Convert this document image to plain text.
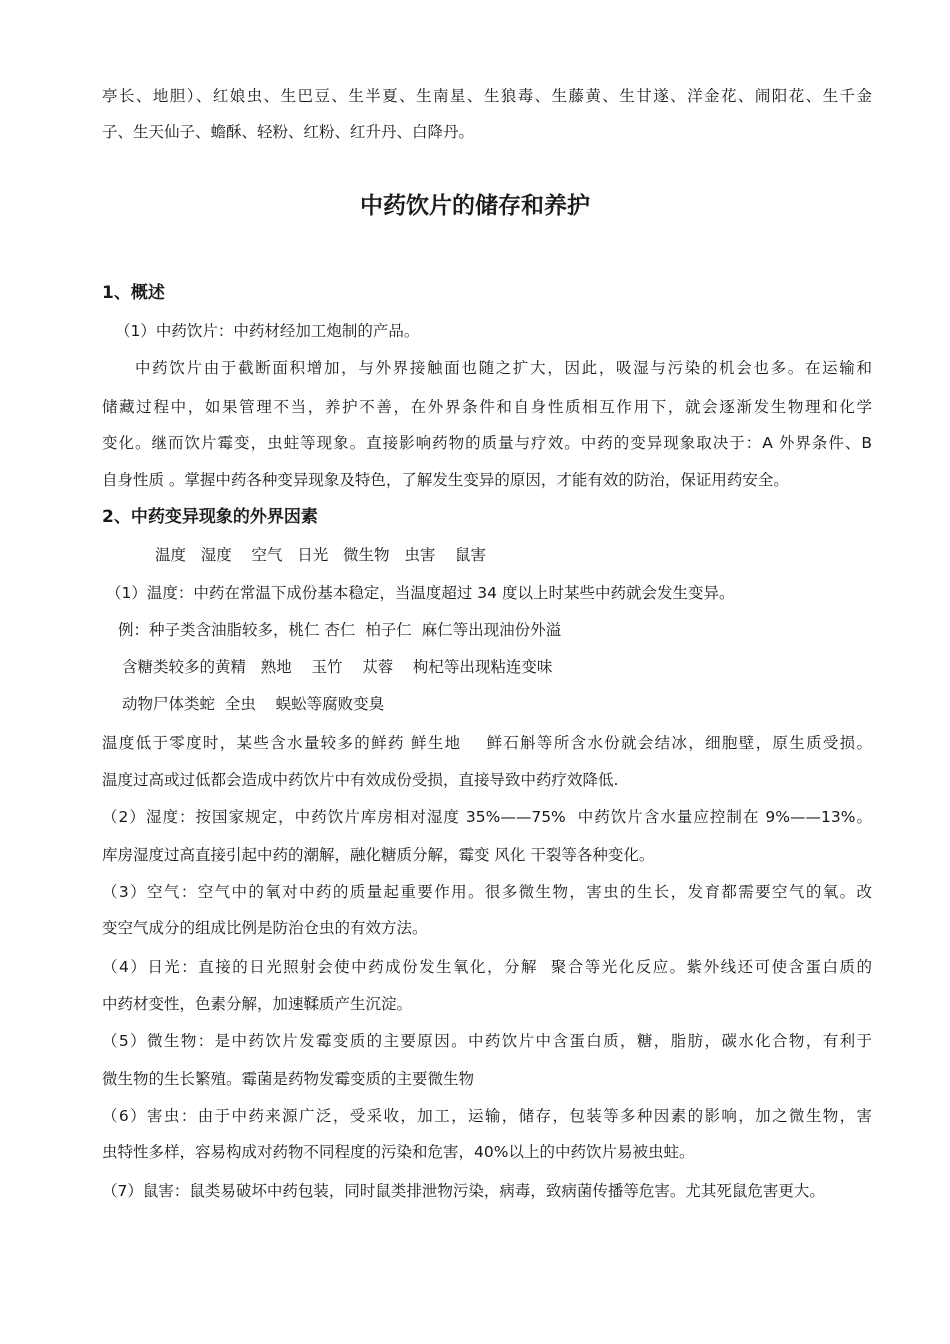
亭长、地胆）、红娘虫、生巴豆、生半夏、生南星、生狼毒、生藤黄、生甘遂、洋金花、闹阳花、生千金
子、生天仙子、蟾酥、轻粉、红粉、红升丹、白降丹。
中药饮片的储存和养护
1、概述
（1）中药饮片：中药材经加工炮制的产品。
中药饮片由于截断面积增加，与外界接触面也随之扩大，因此，吸湿与污染的机会也多。在运输和
储藏过程中，如果管理不当，养护不善，在外界条件和自身性质相互作用下，就会逐渐发生物理和化学
变化。继而饮片霉变，虫蛀等现象。直接影响药物的质量与疗效。中药的变异现象取决于：A 外界条件、B
自身性质 。掌握中药各种变异现象及特色，了解发生变异的原因，才能有效的防治，保证用药安全。
2、中药变异现象的外界因素
温度   湿度    空气   日光   微生物   虫害    鼠害
（1）温度：中药在常温下成份基本稳定，当温度超过 34 度以上时某些中药就会发生变异。
例：种子类含油脂较多，桃仁 杏仁  柏子仁  麻仁等出现油份外溢
含糖类较多的黄精   熟地    玉竹    苁蓉    枸杞等出现粘连变味
动物尸体类蛇  全虫    蜈蚣等腐败变臭
温度低于零度时，某些含水量较多的鲜药 鲜生地    鲜石斛等所含水份就会结冰，细胞壁，原生质受损。
温度过高或过低都会造成中药饮片中有效成份受损，直接导致中药疗效降低.
（2）湿度：按国家规定，中药饮片库房相对湿度 35%——75%  中药饮片含水量应控制在 9%——13%。
库房湿度过高直接引起中药的潮解，融化糖质分解，霉变 风化 干裂等各种变化。
（3）空气：空气中的氧对中药的质量起重要作用。很多微生物，害虫的生长，发育都需要空气的氧。改
变空气成分的组成比例是防治仓虫的有效方法。
（4）日光：直接的日光照射会使中药成份发生氧化，分解  聚合等光化反应。紫外线还可使含蛋白质的
中药材变性，色素分解，加速鞣质产生沉淀。
（5）微生物：是中药饮片发霉变质的主要原因。中药饮片中含蛋白质，糖，脂肪，碳水化合物，有利于
微生物的生长繁殖。霉菌是药物发霉变质的主要微生物
（6）害虫：由于中药来源广泛，受采收，加工，运输，储存，包装等多种因素的影响，加之微生物，害
虫特性多样，容易构成对药物不同程度的污染和危害，40%以上的中药饮片易被虫蛀。
（7）鼠害：鼠类易破坏中药包装，同时鼠类排泄物污染，病毒，致病菌传播等危害。尤其死鼠危害更大。
